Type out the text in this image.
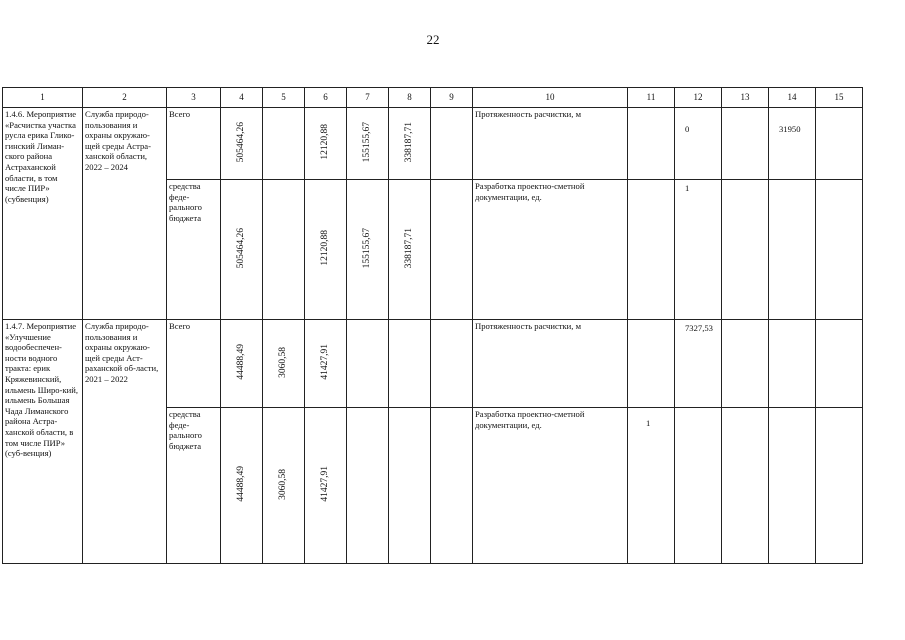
22
1	2	3	4	5	6	7	8	9	10	11	12	13	14	15
1.4.6. Мероприятие «Расчистка участка русла ерика Глико-гинский Лиман-ского района Астраханской области, в том числе ПИР» (субвенция)	Служба природо-пользования и охраны окружаю-щей среды Астра-ханской области, 2022 – 2024	Всего	505464,26		12120,88	155155,67	338187,71		Протяженность расчистки, м		0		31950	
		средства феде-рального бюджета	505464,26		12120,88	155155,67	338187,71		Разработка проектно-сметной документации, ед.		1			
1.4.7. Мероприятие «Улучшение водообеспечен-ности водного тракта: ерик Кряжевинский, ильмень Широ-кий, ильмень Большая Чада Лиманского района Астра-ханской области, в том числе ПИР» (суб-венция)	Служба природо-пользования и охраны окружаю-щей среды Аст-раханской об-ласти, 2021 – 2022	Всего	44488,49	3060,58	41427,91				Протяженность расчистки, м		7327,53			
		средства феде-рального бюджета	44488,49	3060,58	41427,91				Разработка проектно-сметной документации, ед.	1				
